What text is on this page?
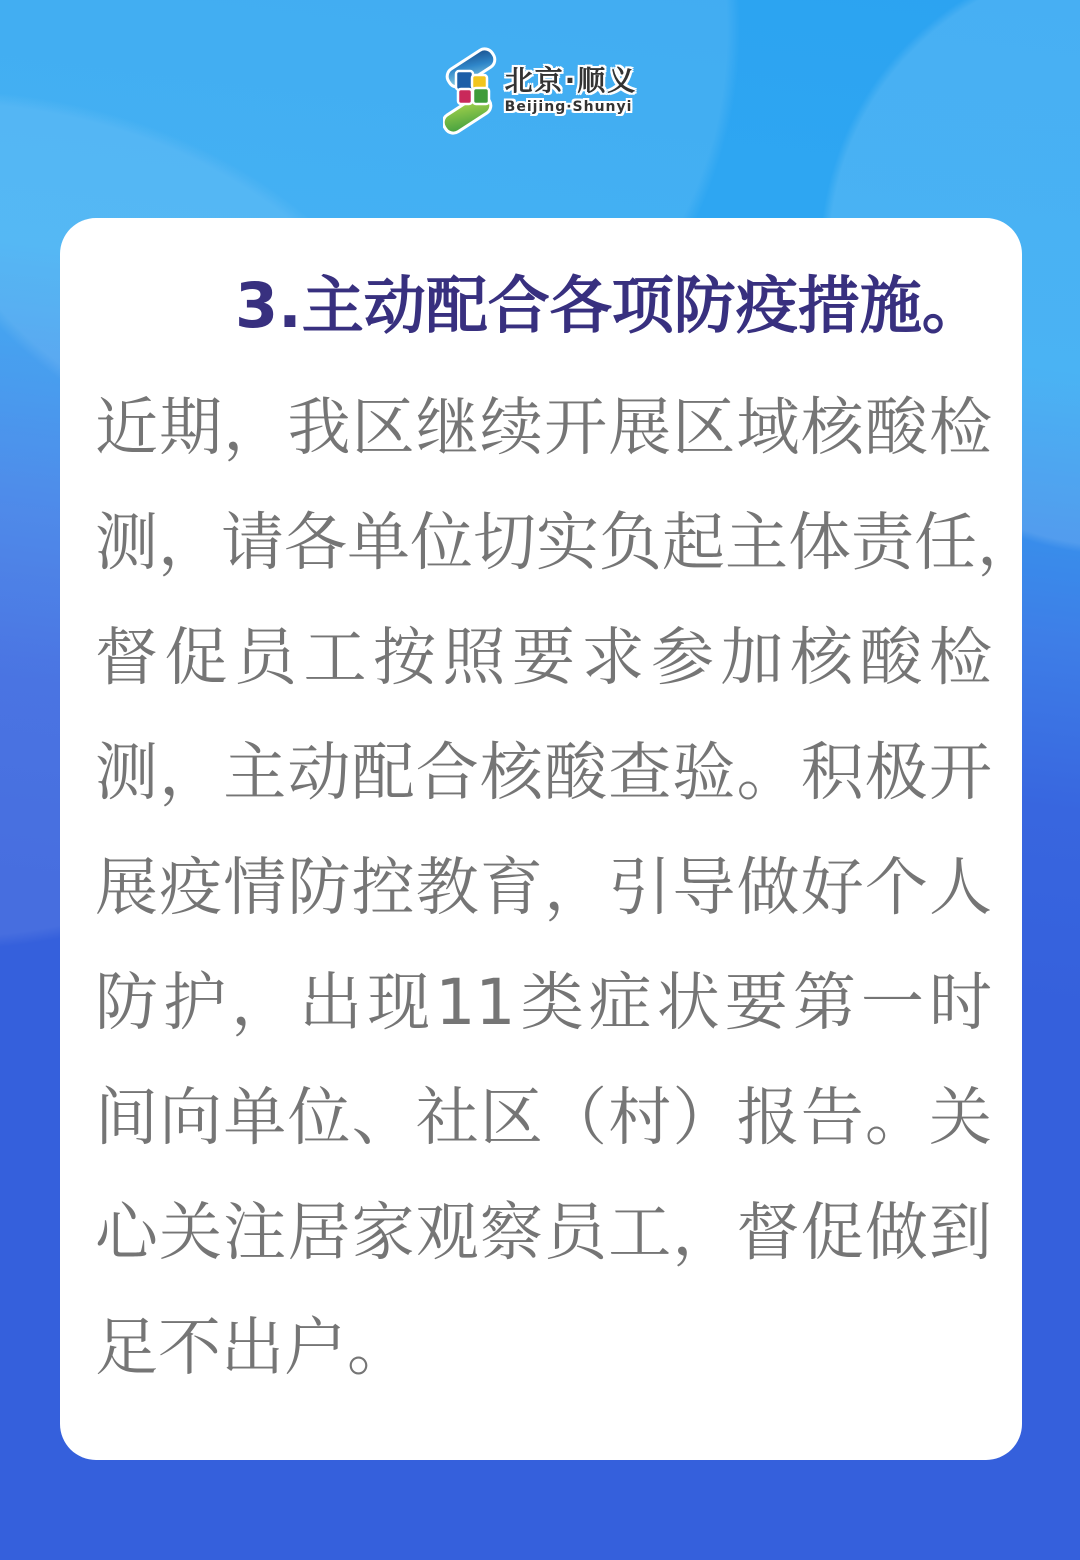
北京·顺义
Beijing·Shunyi
3.主动配合各项防疫措施。
近期，我区继续开展区域核酸检
测，请各单位切实负起主体责任，
督促员工按照要求参加核酸检
测，主动配合核酸查验。积极开
展疫情防控教育，引导做好个人
防护，出现11类症状要第一时
间向单位、社区（村）报告。关
心关注居家观察员工，督促做到
足不出户。
